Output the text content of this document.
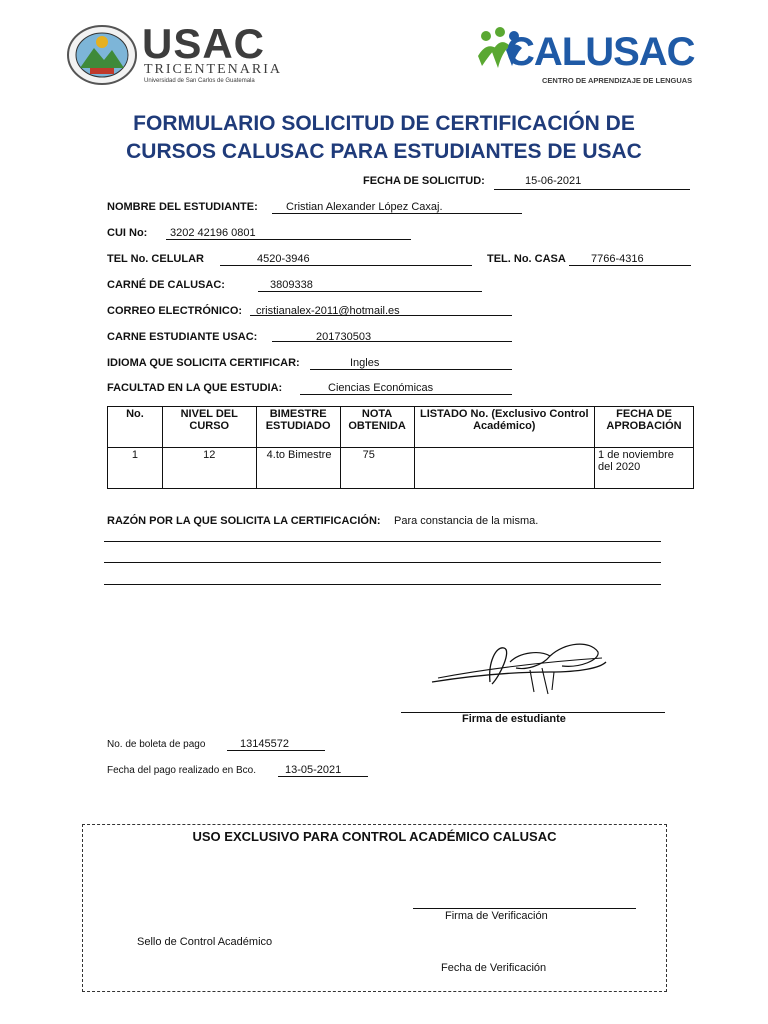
USAC
TRICENTENARIA
Universidad de San Carlos de Guatemala
CALUSAC
CENTRO DE APRENDIZAJE DE LENGUAS
FORMULARIO SOLICITUD DE CERTIFICACIÓN DE
CURSOS CALUSAC PARA ESTUDIANTES DE USAC
FECHA DE SOLICITUD:	15-06-2021
NOMBRE DEL ESTUDIANTE:	Cristian Alexander López Caxaj.
CUI No: 3202 42196 0801
TEL No. CELULAR	4520-3946	TEL. No. CASA 7766-4316
CARNÉ DE CALUSAC:	3809338
CORREO ELECTRÓNICO: cristianalex-2011@hotmail.es
CARNE ESTUDIANTE USAC:	201730503
IDIOMA QUE SOLICITA CERTIFICAR:	Ingles
FACULTAD EN LA QUE ESTUDIA:	Ciencias Económicas
No.	NIVEL DEL CURSO	BIMESTRE ESTUDIADO	NOTA OBTENIDA	LISTADO No. (Exclusivo Control Académico)	FECHA DE APROBACIÓN
1	12	4.to Bimestre	75		1 de noviembre del 2020
RAZÓN POR LA QUE SOLICITA LA CERTIFICACIÓN: Para constancia de la misma.
Firma de estudiante
No. de boleta de pago	13145572
Fecha del pago realizado en Bco.	13-05-2021
USO EXCLUSIVO PARA CONTROL ACADÉMICO CALUSAC
Firma de Verificación
Sello de Control Académico
Fecha de Verificación
